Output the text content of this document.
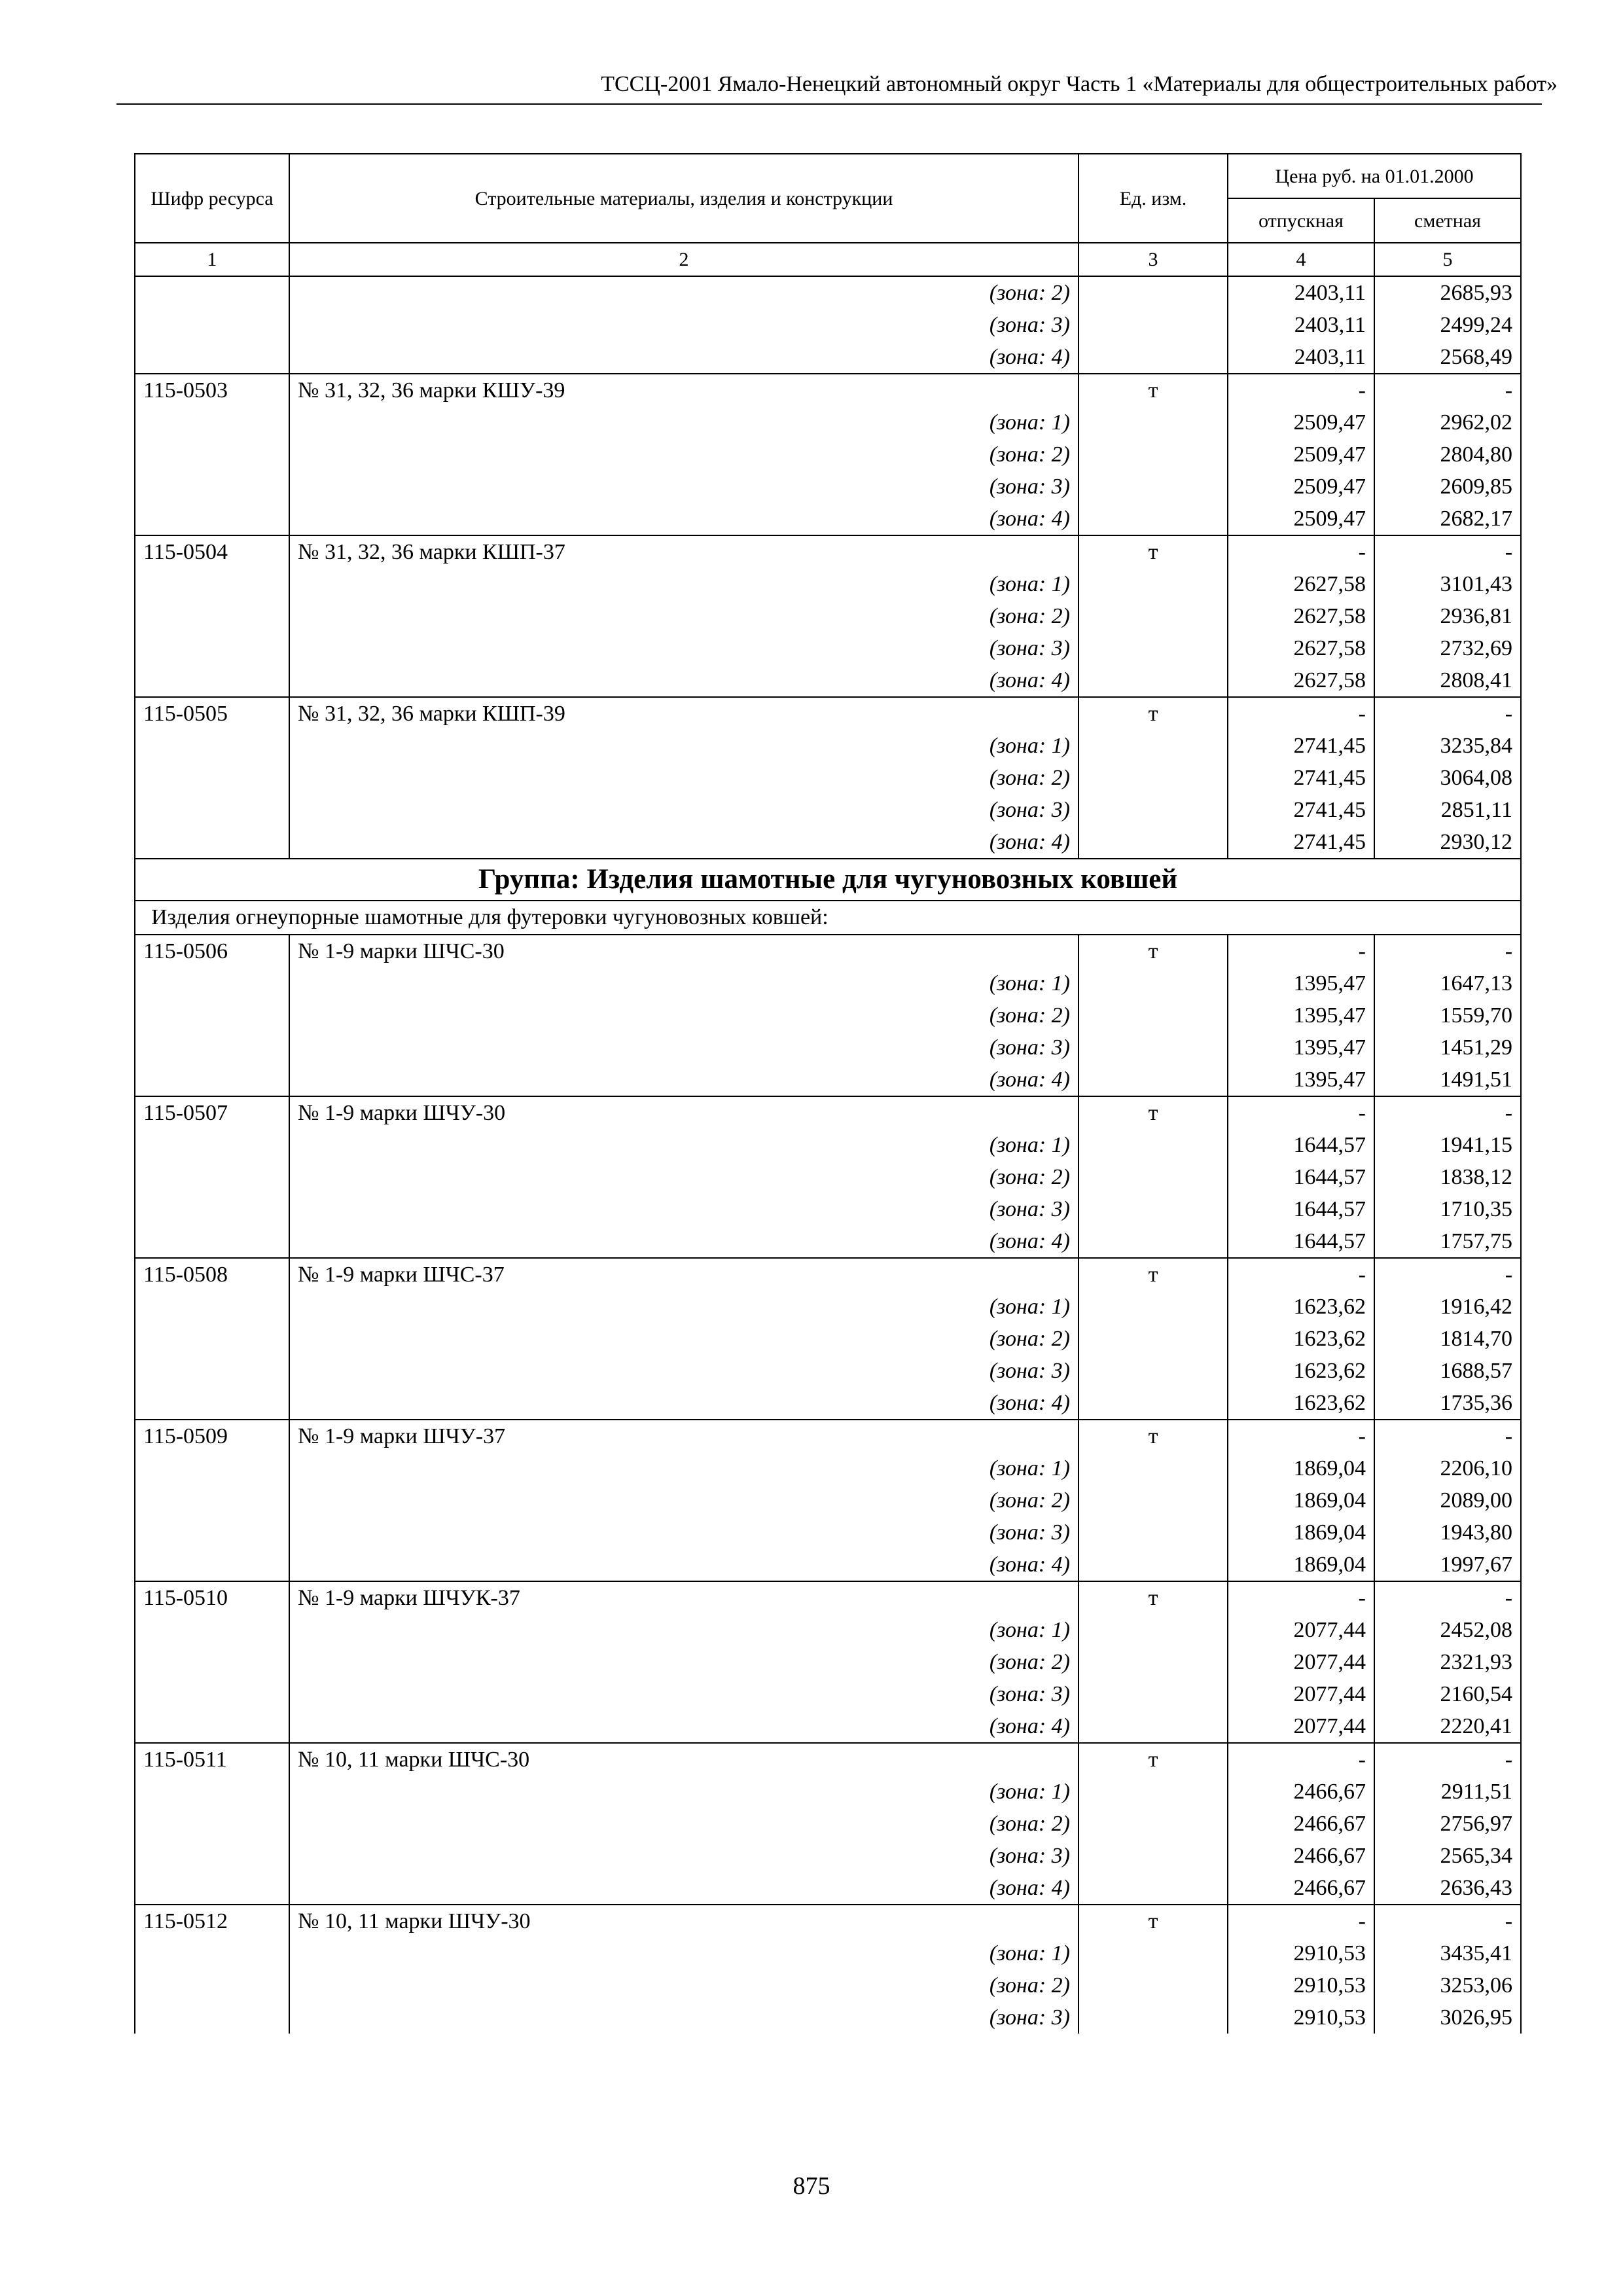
ТССЦ-2001 Ямало-Ненецкий автономный округ Часть 1 «Материалы для общестроительных работ»
Шифр ресурса	Строительные материалы, изделия и конструкции	Ед. изм.	Цена руб. на 01.01.2000	
			отпускная	сметная
1	2	3	4	5
	(зона: 2)		2403,11	2685,93
	(зона: 3)		2403,11	2499,24
	(зона: 4)		2403,11	2568,49
115-0503	№ 31, 32, 36 марки КШУ-39	т	-	-
	(зона: 1)		2509,47	2962,02
	(зона: 2)		2509,47	2804,80
	(зона: 3)		2509,47	2609,85
	(зона: 4)		2509,47	2682,17
115-0504	№ 31, 32, 36 марки КШП-37	т	-	-
	(зона: 1)		2627,58	3101,43
	(зона: 2)		2627,58	2936,81
	(зона: 3)		2627,58	2732,69
	(зона: 4)		2627,58	2808,41
115-0505	№ 31, 32, 36 марки КШП-39	т	-	-
	(зона: 1)		2741,45	3235,84
	(зона: 2)		2741,45	3064,08
	(зона: 3)		2741,45	2851,11
	(зона: 4)		2741,45	2930,12
Группа: Изделия шамотные для чугуновозных ковшей				
Изделия огнеупорные шамотные для футеровки чугуновозных ковшей:				
115-0506	№ 1-9 марки ШЧС-30	т	-	-
	(зона: 1)		1395,47	1647,13
	(зона: 2)		1395,47	1559,70
	(зона: 3)		1395,47	1451,29
	(зона: 4)		1395,47	1491,51
115-0507	№ 1-9 марки ШЧУ-30	т	-	-
	(зона: 1)		1644,57	1941,15
	(зона: 2)		1644,57	1838,12
	(зона: 3)		1644,57	1710,35
	(зона: 4)		1644,57	1757,75
115-0508	№ 1-9 марки ШЧС-37	т	-	-
	(зона: 1)		1623,62	1916,42
	(зона: 2)		1623,62	1814,70
	(зона: 3)		1623,62	1688,57
	(зона: 4)		1623,62	1735,36
115-0509	№ 1-9 марки ШЧУ-37	т	-	-
	(зона: 1)		1869,04	2206,10
	(зона: 2)		1869,04	2089,00
	(зона: 3)		1869,04	1943,80
	(зона: 4)		1869,04	1997,67
115-0510	№ 1-9 марки ШЧУК-37	т	-	-
	(зона: 1)		2077,44	2452,08
	(зона: 2)		2077,44	2321,93
	(зона: 3)		2077,44	2160,54
	(зона: 4)		2077,44	2220,41
115-0511	№ 10, 11 марки ШЧС-30	т	-	-
	(зона: 1)		2466,67	2911,51
	(зона: 2)		2466,67	2756,97
	(зона: 3)		2466,67	2565,34
	(зона: 4)		2466,67	2636,43
115-0512	№ 10, 11 марки ШЧУ-30	т	-	-
	(зона: 1)		2910,53	3435,41
	(зона: 2)		2910,53	3253,06
	(зона: 3)		2910,53	3026,95
875
